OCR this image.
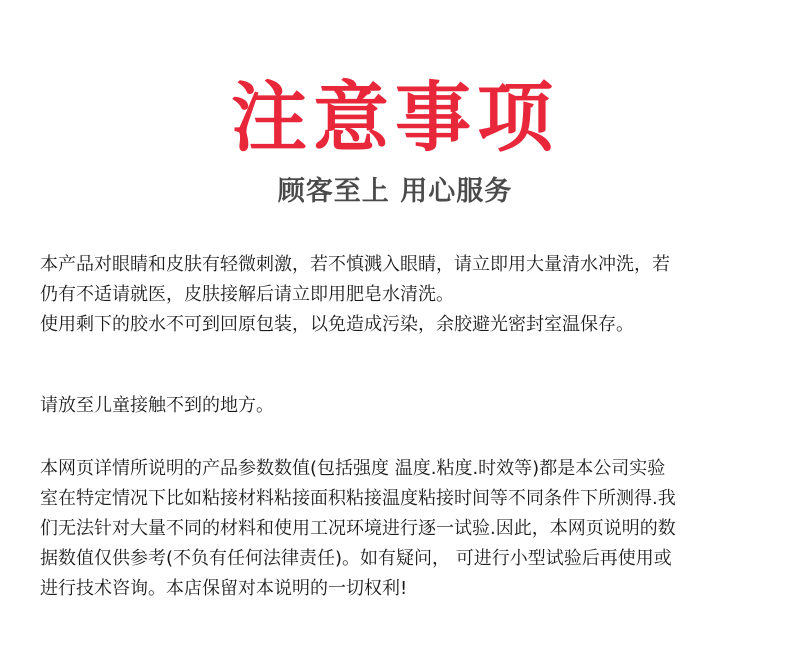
注意事项
顾客至上 用心服务

本产品对眼睛和皮肤有轻微刺激，若不慎溅入眼睛，请立即用大量清水冲洗，若
仍有不适请就医，皮肤接解后请立即用肥皂水清洗。
使用剩下的胶水不可到回原包装，以免造成污染，余胶避光密封室温保存。

请放至儿童接触不到的地方。

本网页详情所说明的产品参数数值(包括强度 温度.粘度.时效等)都是本公司实验
室在特定情况下比如粘接材料粘接面积粘接温度粘接时间等不同条件下所测得.我
们无法针对大量不同的材料和使用工况环境进行逐一试验.因此，本网页说明的数
据数值仅供参考(不负有任何法律责任)。如有疑问， 可进行小型试验后再使用或
进行技术咨询。本店保留对本说明的一切权利!
